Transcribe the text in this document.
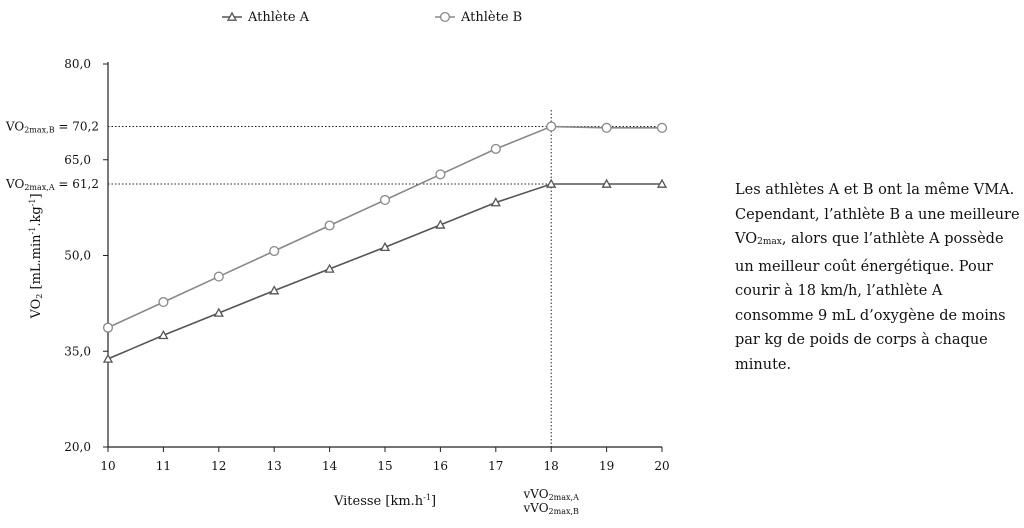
VO2max,B = 70,2
VO2max,A = 61,2
vVO2max,A
vVO2max,B
20,0
35,0
50,0
65,0
80,0
10	11	12	13	14	15	16	17	18	19	20
Vitesse $[km.h^{-1}]$
VO2 $[mL.\min^{-1}.kg^{-1}]$
Athlète A	Athlète B
Les athlètes A et B ont la même VMA. Cependant, l’athlète B a une meilleure $VO_{2max}$, alors que l’athlète A possède un meilleur coût énergétique. Pour courir à 18 km/h, l’athlète A consomme 9 mL d’oxygène de moins par kg de poids de corps à chaque minute.
